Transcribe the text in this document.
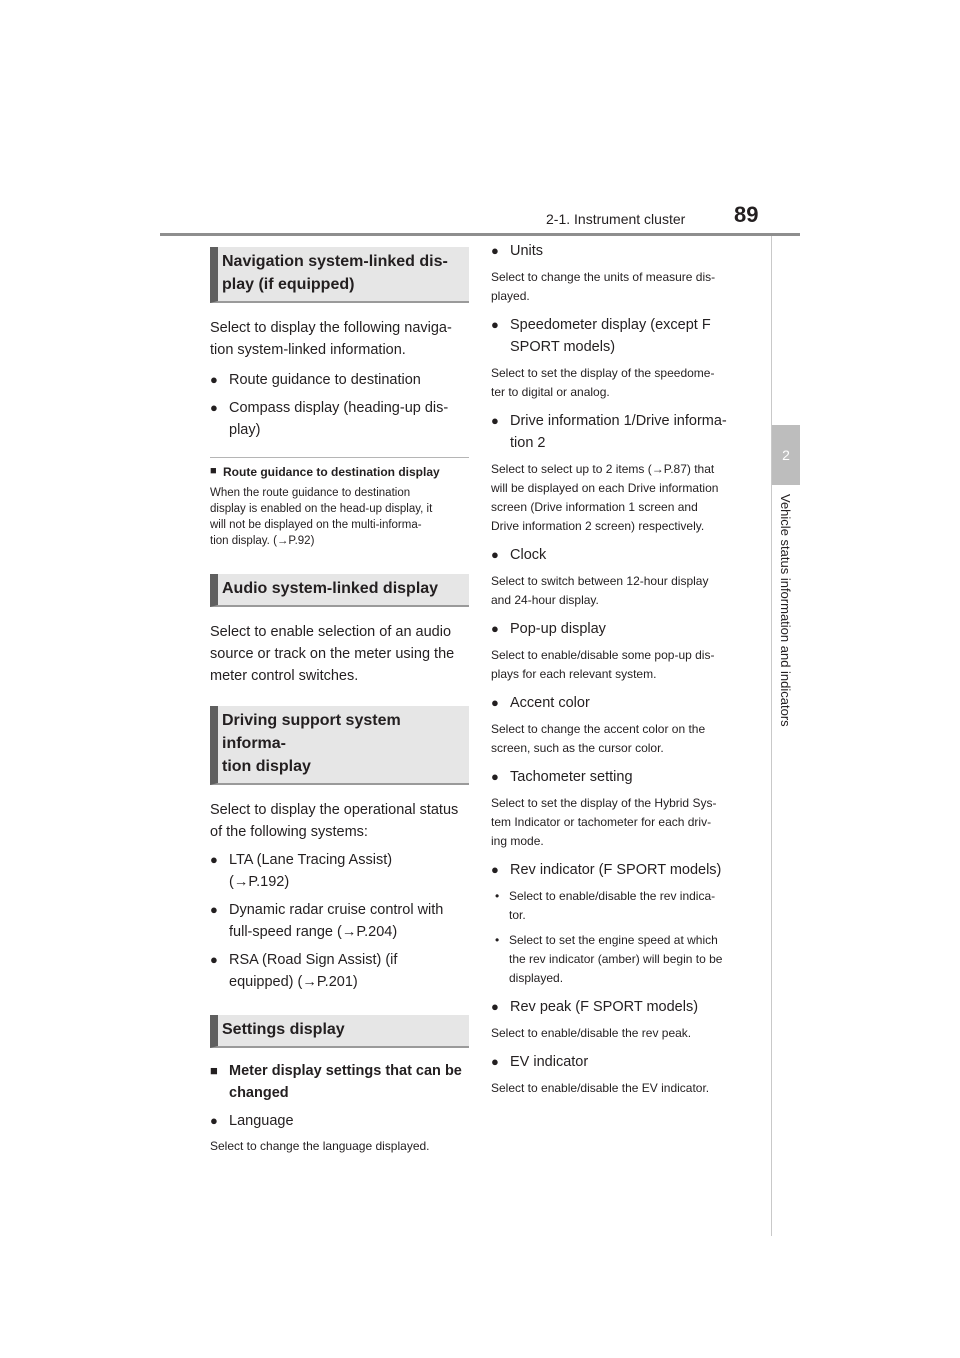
2-1. Instrument cluster 89
2
Vehicle status information and indicators
Navigation system-linked dis-
play (if equipped)

Select to display the following naviga-
tion system-linked information.

● Route guidance to destination
● Compass display (heading-up dis-
play)
■ Route guidance to destination display

When the route guidance to destination
display is enabled on the head-up display, it
will not be displayed on the multi-informa-
tion display. (→P.92)

Audio system-linked display

Select to enable selection of an audio
source or track on the meter using the
meter control switches.

Driving support system informa-
tion display

Select to display the operational status
of the following systems:

● LTA (Lane Tracing Assist)
(→P.192)
● Dynamic radar cruise control with
full-speed range (→P.204)
● RSA (Road Sign Assist) (if
equipped) (→P.201)
Settings display
■ Meter display settings that can be
changed
● Language

Select to change the language displayed.

● Units

Select to change the units of measure dis-
played.

● Speedometer display (except F
SPORT models)

Select to set the display of the speedome-
ter to digital or analog.

● Drive information 1/Drive informa-
tion 2

Select to select up to 2 items (→P.87) that
will be displayed on each Drive information
screen (Drive information 1 screen and
Drive information 2 screen) respectively.

● Clock

Select to switch between 12-hour display
and 24-hour display.

● Pop-up display

Select to enable/disable some pop-up dis-
plays for each relevant system.

● Accent color

Select to change the accent color on the
screen, such as the cursor color.

● Tachometer setting

Select to set the display of the Hybrid Sys-
tem Indicator or tachometer for each driv-
ing mode.

● Rev indicator (F SPORT models)
• Select to enable/disable the rev indica-
tor.
• Select to set the engine speed at which
the rev indicator (amber) will begin to be
displayed.
● Rev peak (F SPORT models)

Select to enable/disable the rev peak.

● EV indicator

Select to enable/disable the EV indicator.
